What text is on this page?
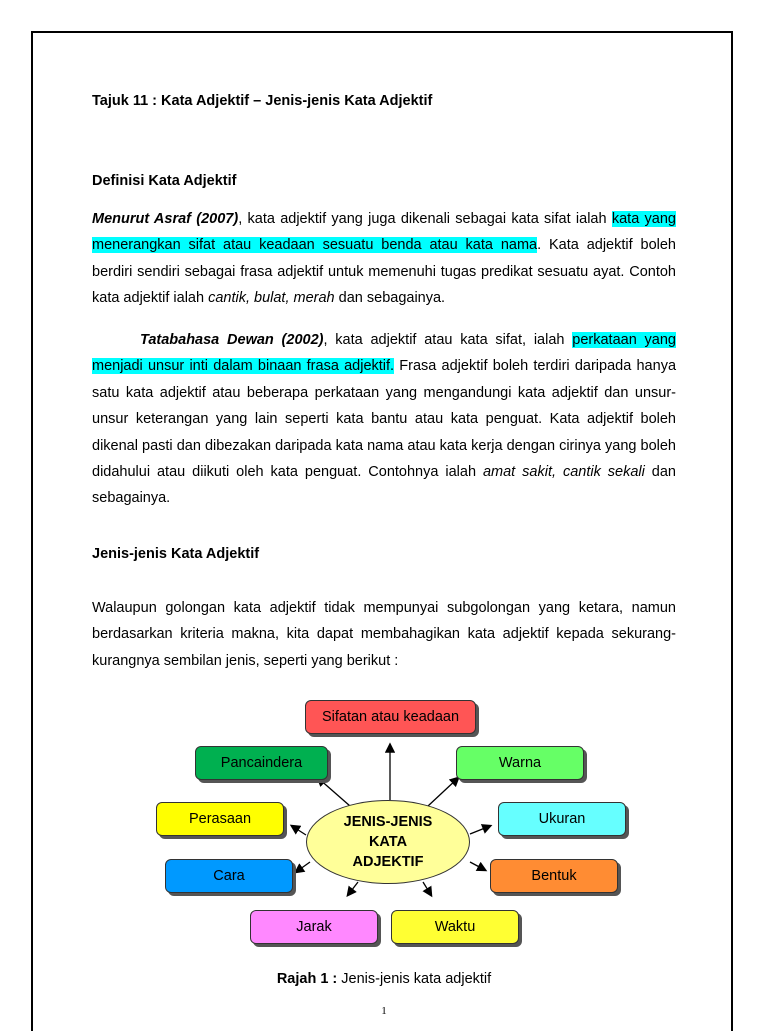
Tajuk 11 : Kata Adjektif – Jenis-jenis Kata Adjektif
Definisi Kata Adjektif
Menurut Asraf (2007), kata adjektif yang juga dikenali sebagai kata sifat ialah kata yang menerangkan sifat atau keadaan sesuatu benda atau kata nama. Kata adjektif boleh berdiri sendiri sebagai frasa adjektif untuk memenuhi tugas predikat sesuatu ayat. Contoh kata adjektif ialah cantik, bulat, merah dan sebagainya.
Tatabahasa Dewan (2002), kata adjektif atau kata sifat, ialah perkataan yang menjadi unsur inti dalam binaan frasa adjektif. Frasa adjektif boleh terdiri daripada hanya satu kata adjektif atau beberapa perkataan yang mengandungi kata adjektif dan unsur-unsur keterangan yang lain seperti kata bantu atau kata penguat. Kata adjektif boleh dikenal pasti dan dibezakan daripada kata nama atau kata kerja dengan cirinya yang boleh didahului atau diikuti oleh kata penguat. Contohnya ialah amat sakit, cantik sekali dan sebagainya.
Jenis-jenis Kata Adjektif
Walaupun golongan kata adjektif tidak mempunyai subgolongan yang ketara, namun berdasarkan kriteria makna, kita dapat membahagikan kata adjektif kepada sekurang-kurangnya sembilan jenis, seperti yang berikut :
Sifatan atau keadaan
Pancaindera	Warna
Perasaan	Ukuran
Cara	Bentuk
Jarak	Waktu
JENIS-JENIS
KATA
ADJEKTIF
Rajah 1 : Jenis-jenis kata adjektif
1
